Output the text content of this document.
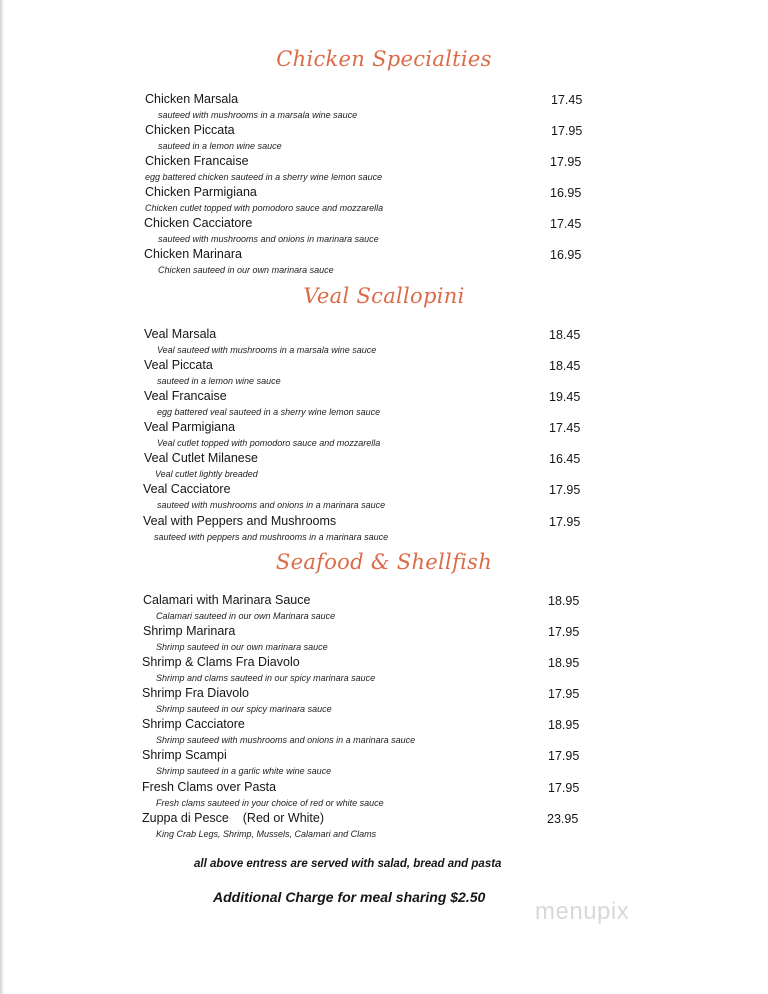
Chicken Specialties
Chicken Marsala
sauteed with mushrooms in a marsala wine sauce
17.45
Chicken Piccata
sauteed in a lemon wine sauce
17.95
Chicken Francaise
egg battered chicken sauteed in a sherry wine lemon sauce
17.95
Chicken Parmigiana
Chicken cutlet topped with pomodoro sauce and mozzarella
16.95
Chicken Cacciatore
sauteed with mushrooms and onions in marinara sauce
17.45
Chicken Marinara
Chicken sauteed in our own marinara sauce
16.95
Veal Scallopini
Veal Marsala
Veal sauteed with mushrooms in a marsala wine sauce
18.45
Veal Piccata
sauteed in a lemon wine sauce
18.45
Veal Francaise
egg battered veal sauteed in a sherry wine lemon sauce
19.45
Veal Parmigiana
Veal cutlet topped with pomodoro sauce and mozzarella
17.45
Veal Cutlet Milanese
Veal cutlet lightly breaded
16.45
Veal Cacciatore
sauteed with mushrooms and onions in a marinara sauce
17.95
Veal with Peppers and Mushrooms
sauteed with peppers and mushrooms in a marinara sauce
17.95
Seafood & Shellfish
Calamari with Marinara Sauce
Calamari sauteed in our own Marinara sauce
18.95
Shrimp Marinara
Shrimp sauteed in our own marinara sauce
17.95
Shrimp & Clams Fra Diavolo
Shrimp and clams sauteed in our spicy marinara sauce
18.95
Shrimp Fra Diavolo
Shrimp sauteed in our spicy marinara sauce
17.95
Shrimp Cacciatore
Shrimp sauteed with mushrooms and onions in a marinara sauce
18.95
Shrimp Scampi
Shrimp sauteed in a garlic white wine sauce
17.95
Fresh Clams over Pasta
Fresh clams sauteed in your choice of red or white sauce
17.95
Zuppa di Pesce    (Red or White)
King Crab Legs, Shrimp, Mussels, Calamari and Clams
23.95
all above entress are served with salad, bread and pasta
Additional Charge for meal sharing $2.50
menupix
